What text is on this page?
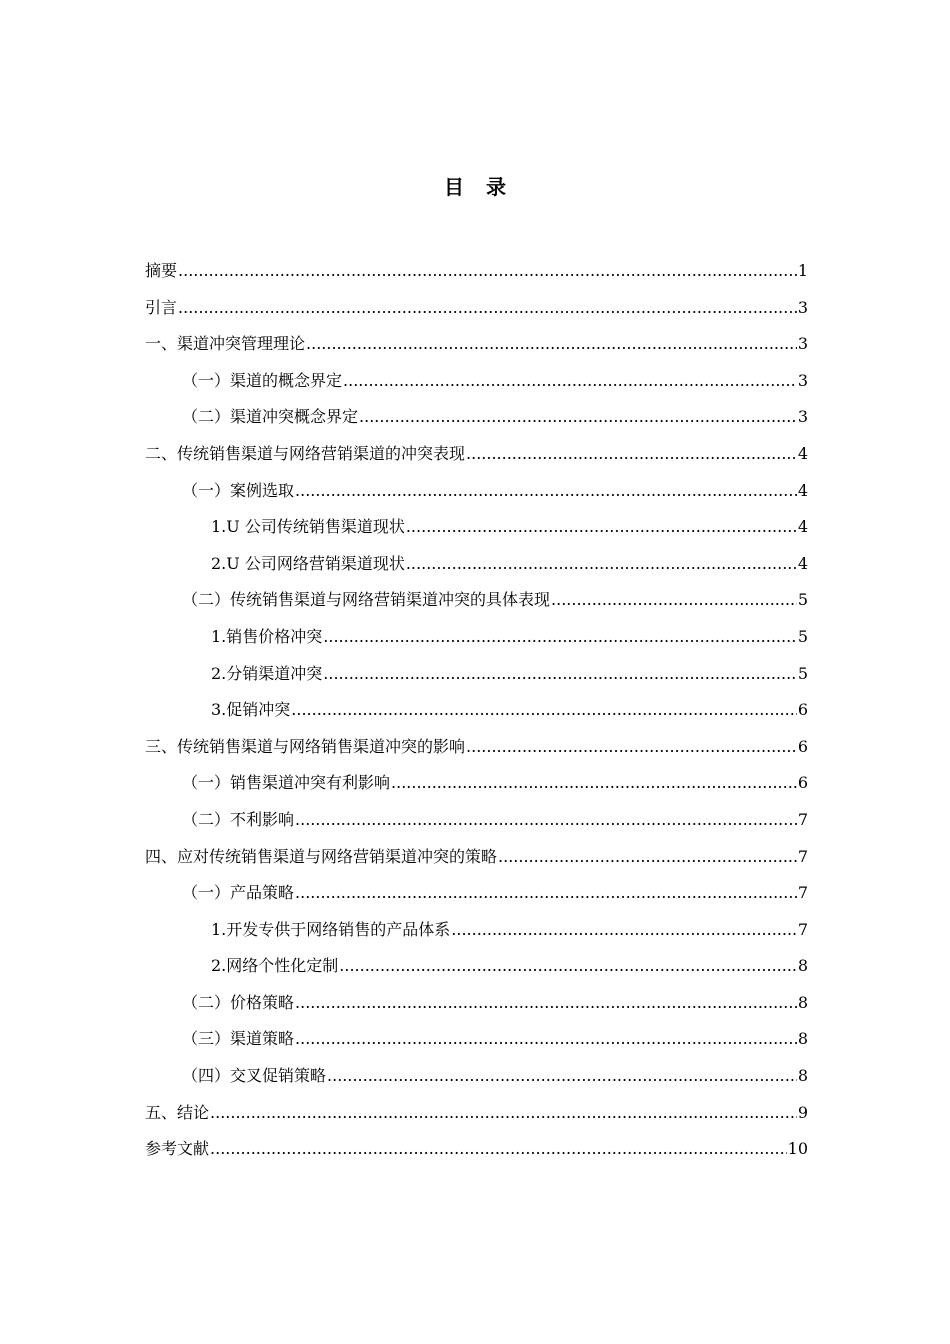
目 录
摘要 .....	1
引言 .....	3
一、渠道冲突管理理论 .....	3
（一）渠道的概念界定 .....	3
（二）渠道冲突概念界定 .....	3
二、传统销售渠道与网络营销渠道的冲突表现 .....	4
（一）案例选取 .....	4
1.U 公司传统销售渠道现状 .....	4
2.U 公司网络营销渠道现状 .....	4
（二）传统销售渠道与网络营销渠道冲突的具体表现 .....	5
1.销售价格冲突 .....	5
2.分销渠道冲突 .....	5
3.促销冲突 .....	6
三、传统销售渠道与网络销售渠道冲突的影响 .....	6
（一）销售渠道冲突有利影响 .....	6
（二）不利影响 .....	7
四、应对传统销售渠道与网络营销渠道冲突的策略 .....	7
（一）产品策略 .....	7
1.开发专供于网络销售的产品体系 .....	7
2.网络个性化定制 .....	8
（二）价格策略 .....	8
（三）渠道策略 .....	8
（四）交叉促销策略 .....	8
五、结论 .....	9
参考文献 .....	10
